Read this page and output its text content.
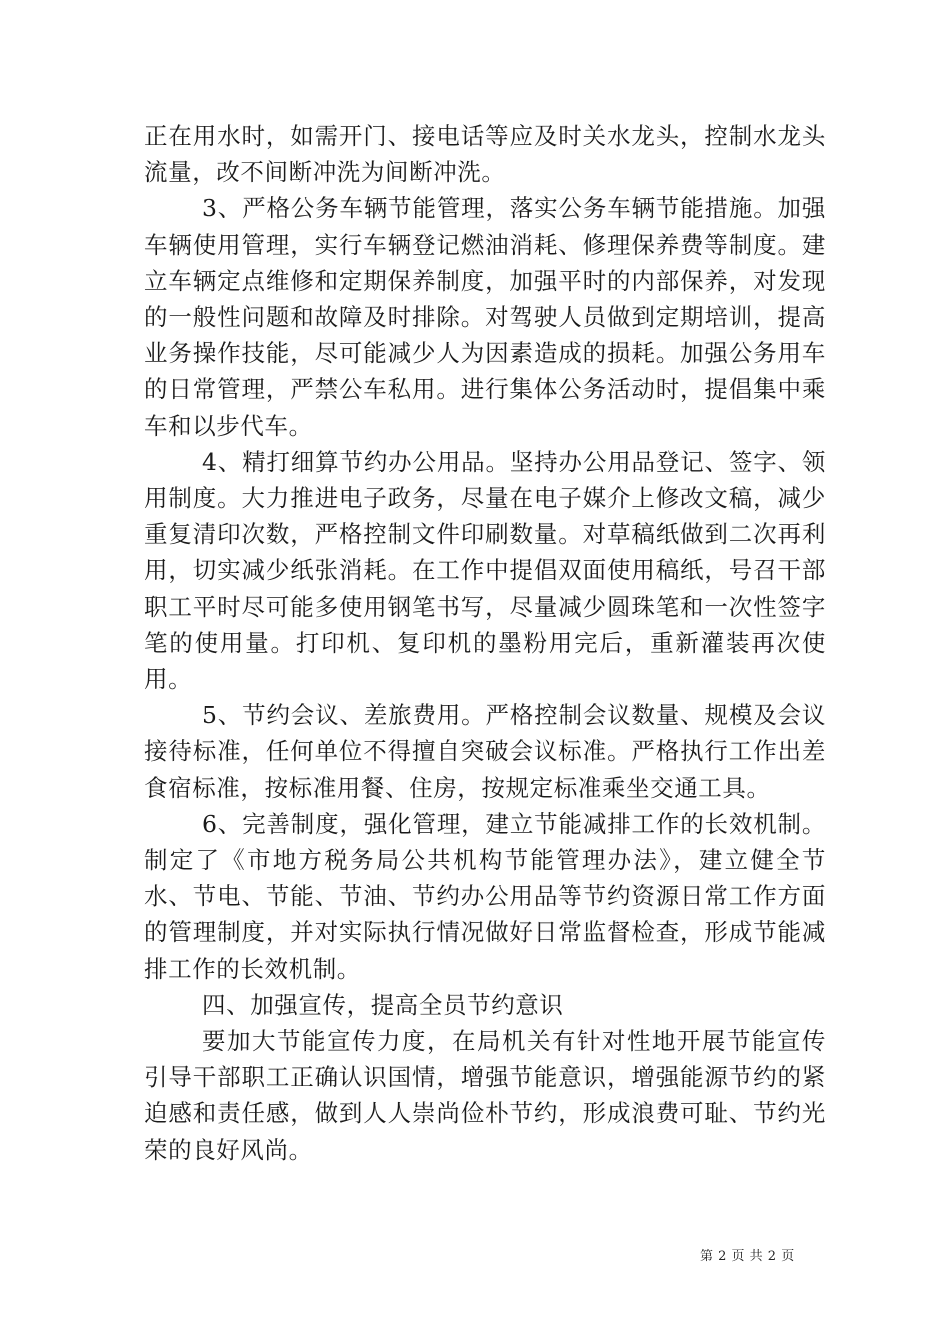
正在用水时，如需开门、接电话等应及时关水龙头，控制水龙头流量，改不间断冲洗为间断冲洗。

3、严格公务车辆节能管理，落实公务车辆节能措施。加强车辆使用管理，实行车辆登记燃油消耗、修理保养费等制度。建立车辆定点维修和定期保养制度，加强平时的内部保养，对发现的一般性问题和故障及时排除。对驾驶人员做到定期培训，提高业务操作技能，尽可能减少人为因素造成的损耗。加强公务用车的日常管理，严禁公车私用。进行集体公务活动时，提倡集中乘车和以步代车。

4、精打细算节约办公用品。坚持办公用品登记、签字、领用制度。大力推进电子政务，尽量在电子媒介上修改文稿，减少重复清印次数，严格控制文件印刷数量。对草稿纸做到二次再利用，切实减少纸张消耗。在工作中提倡双面使用稿纸，号召干部职工平时尽可能多使用钢笔书写，尽量减少圆珠笔和一次性签字笔的使用量。打印机、复印机的墨粉用完后，重新灌装再次使用。

5、节约会议、差旅费用。严格控制会议数量、规模及会议接待标准，任何单位不得擅自突破会议标准。严格执行工作出差食宿标准，按标准用餐、住房，按规定标准乘坐交通工具。

6、完善制度，强化管理，建立节能减排工作的长效机制。制定了《市地方税务局公共机构节能管理办法》，建立健全节水、节电、节能、节油、节约办公用品等节约资源日常工作方面的管理制度，并对实际执行情况做好日常监督检查，形成节能减排工作的长效机制。

四、加强宣传，提高全员节约意识

要加大节能宣传力度，在局机关有针对性地开展节能宣传引导干部职工正确认识国情，增强节能意识，增强能源节约的紧迫感和责任感，做到人人崇尚俭朴节约，形成浪费可耻、节约光荣的良好风尚。

第 2 页 共 2 页
